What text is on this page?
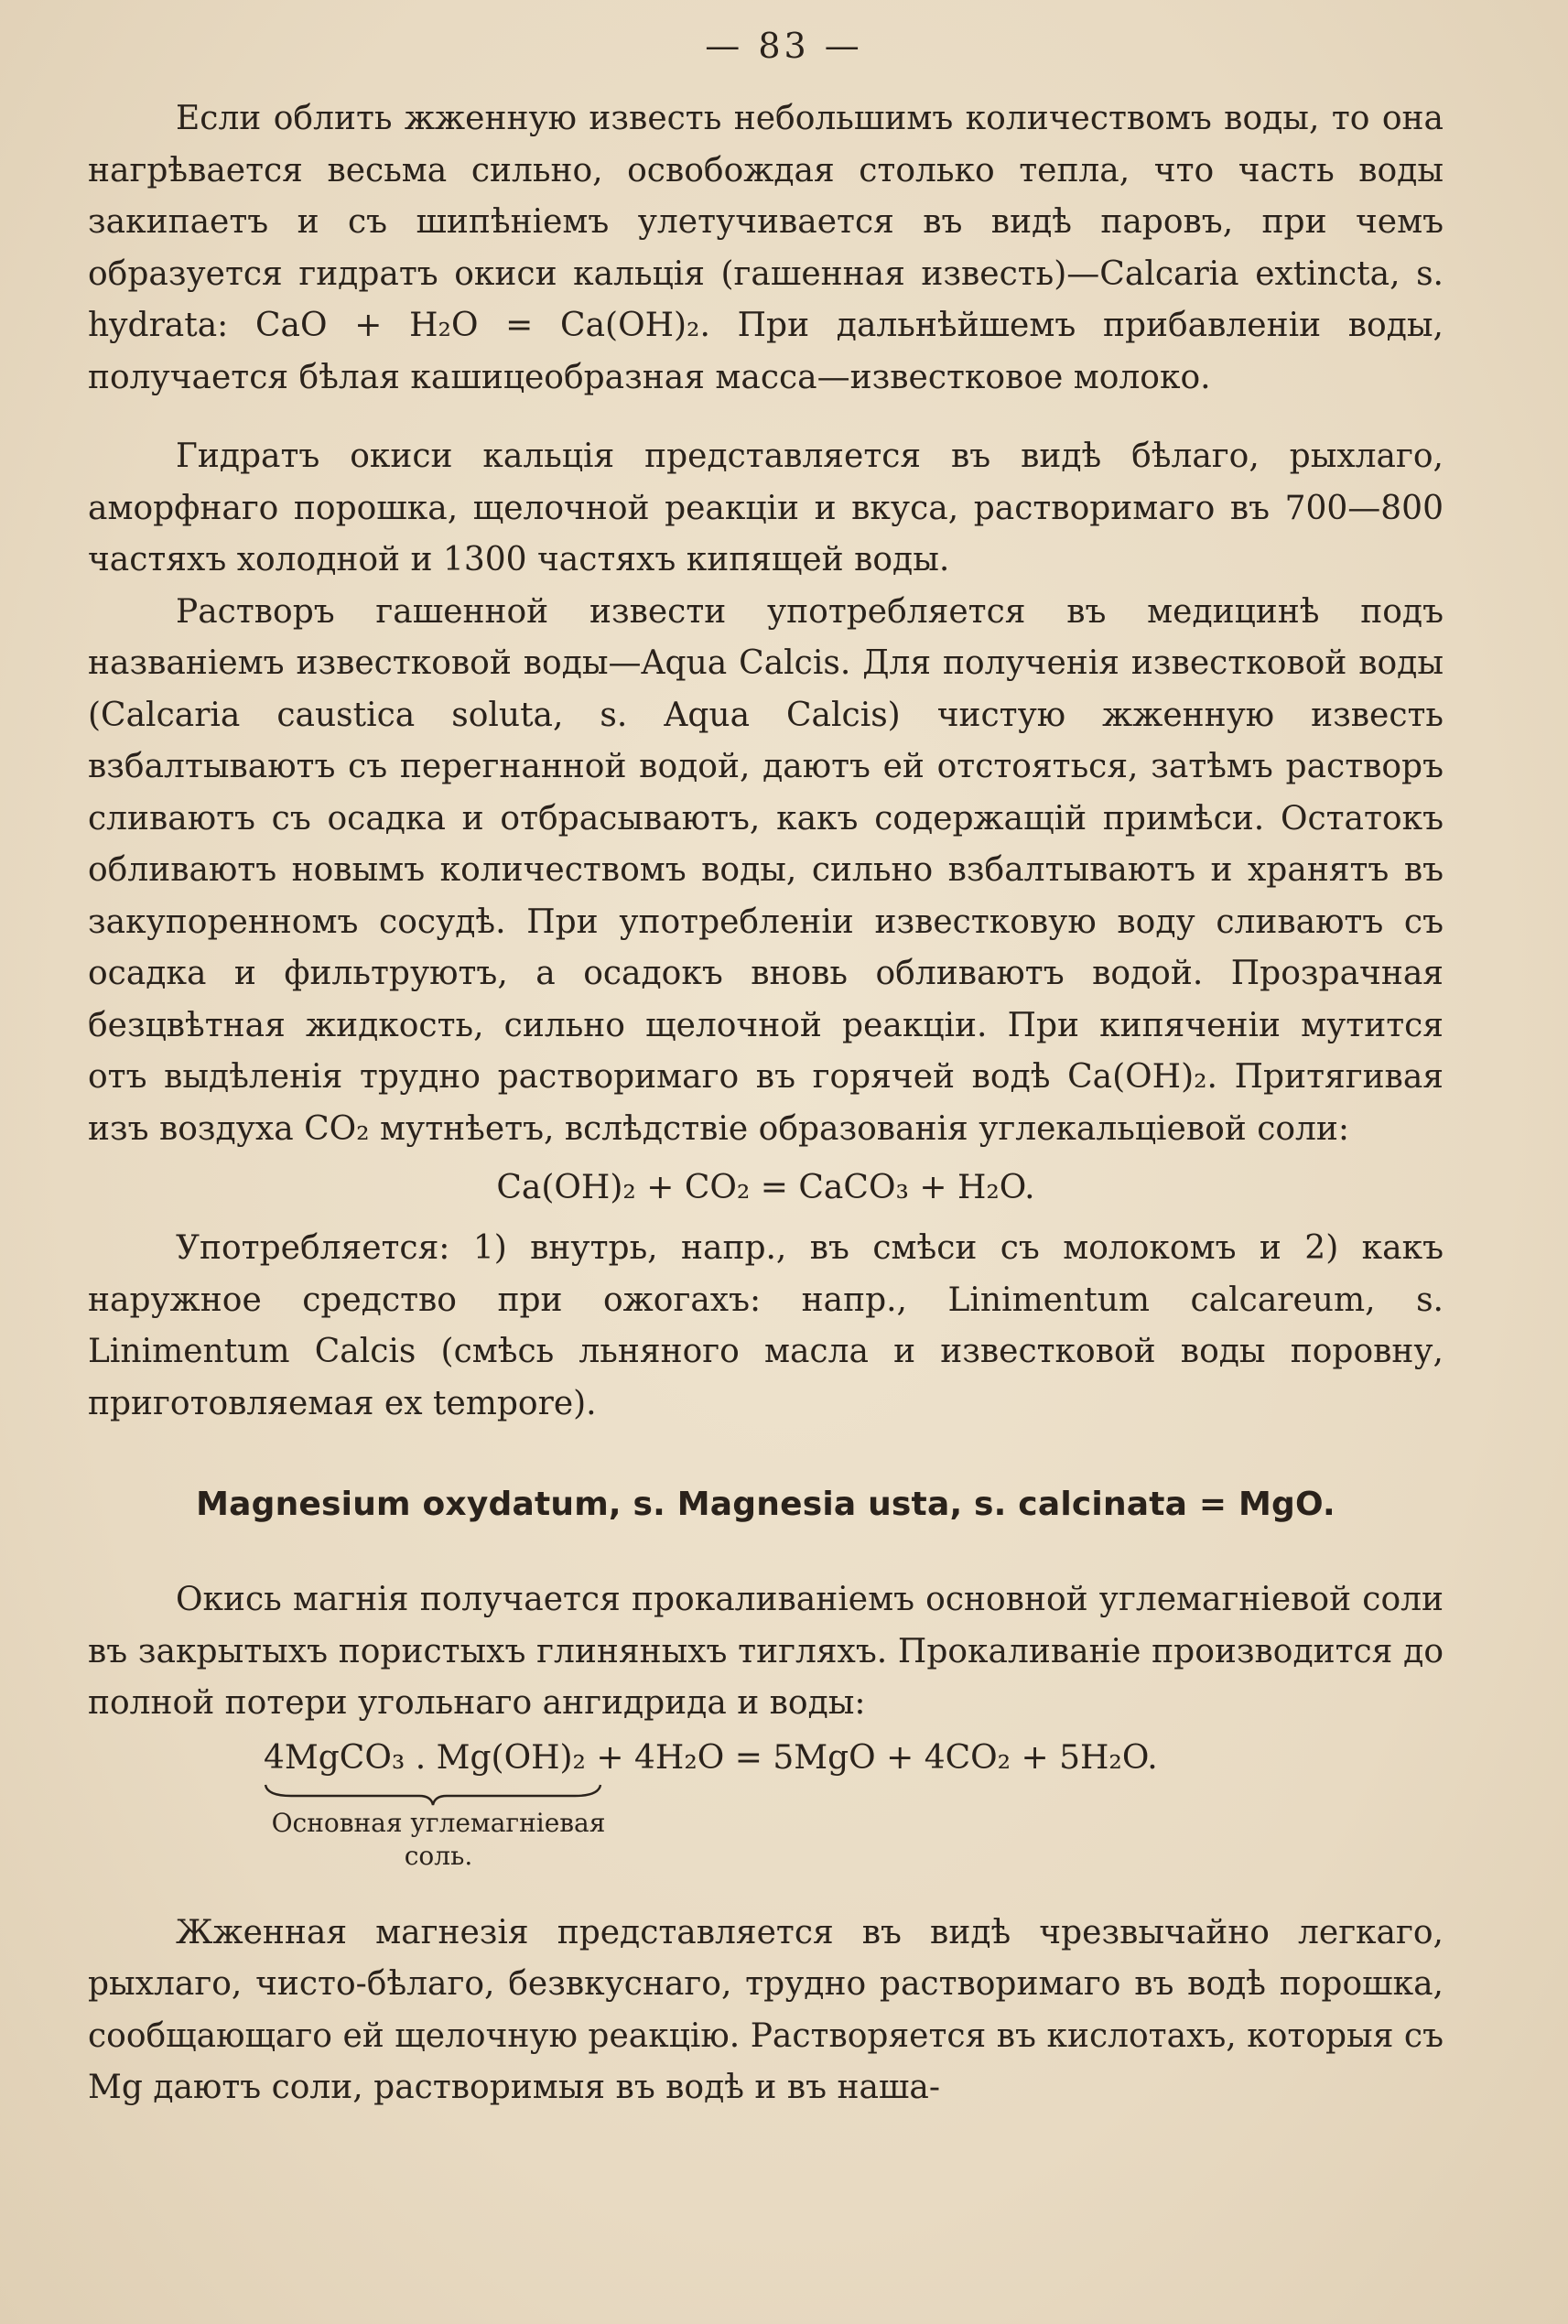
— 83 —

Если облить жженную известь небольшимъ количествомъ воды, то она нагрѣвается весьма сильно, освобождая столько тепла, что часть воды закипаетъ и съ шипѣніемъ улетучивается въ видѣ паровъ, при чемъ образуется гидратъ окиси кальція (гашенная известь)—Calcaria extincta, s. hydrata: CaO + H₂O = Ca(OH)₂. При дальнѣйшемъ прибавленіи воды, получается бѣлая кашицеобразная масса—известковое молоко.

Гидратъ окиси кальція представляется въ видѣ бѣлаго, рыхлаго, аморфнаго порошка, щелочной реакціи и вкуса, растворимаго въ 700—800 частяхъ холодной и 1300 частяхъ кипящей воды.

Растворъ гашенной извести употребляется въ медицинѣ подъ названіемъ известковой воды—Aqua Calcis. Для полученія известковой воды (Calcaria caustica soluta, s. Aqua Calcis) чистую жженную известь взбалтываютъ съ перегнанной водой, даютъ ей отстояться, затѣмъ растворъ сливаютъ съ осадка и отбрасываютъ, какъ содержащій примѣси. Остатокъ обливаютъ новымъ количествомъ воды, сильно взбалтываютъ и хранятъ въ закупоренномъ сосудѣ. При употребленіи известковую воду сливаютъ съ осадка и фильтруютъ, а осадокъ вновь обливаютъ водой. Прозрачная безцвѣтная жидкость, сильно щелочной реакціи. При кипяченіи мутится отъ выдѣленія трудно растворимаго въ горячей водѣ Ca(OH)₂. Притягивая изъ воздуха CO₂ мутнѣетъ, вслѣдствіе образованія углекальціевой соли:

Ca(OH)₂ + CO₂ = CaCO₃ + H₂O.

Употребляется: 1) внутрь, напр., въ смѣси съ молокомъ и 2) какъ наружное средство при ожогахъ: напр., Linimentum calcareum, s. Linimentum Calcis (смѣсь льняного масла и известковой воды поровну, приготовляемая ex tempore).

Magnesium oxydatum, s. Magnesia usta, s. calcinata = MgO.

Окись магнія получается прокаливаніемъ основной углемагніевой соли въ закрытыхъ пористыхъ глиняныхъ тигляхъ. Прокаливаніе производится до полной потери угольнаго ангидрида и воды:

4MgCO₃ . Mg(OH)₂ + 4H₂O = 5MgO + 4CO₂ + 5H₂O.
Основная углемагніевая соль.

Жженная магнезія представляется въ видѣ чрезвычайно легкаго, рыхлаго, чисто-бѣлаго, безвкуснаго, трудно растворимаго въ водѣ порошка, сообщающаго ей щелочную реакцію. Растворяется въ кислотахъ, которыя съ Mg даютъ соли, растворимыя въ водѣ и въ наша-
